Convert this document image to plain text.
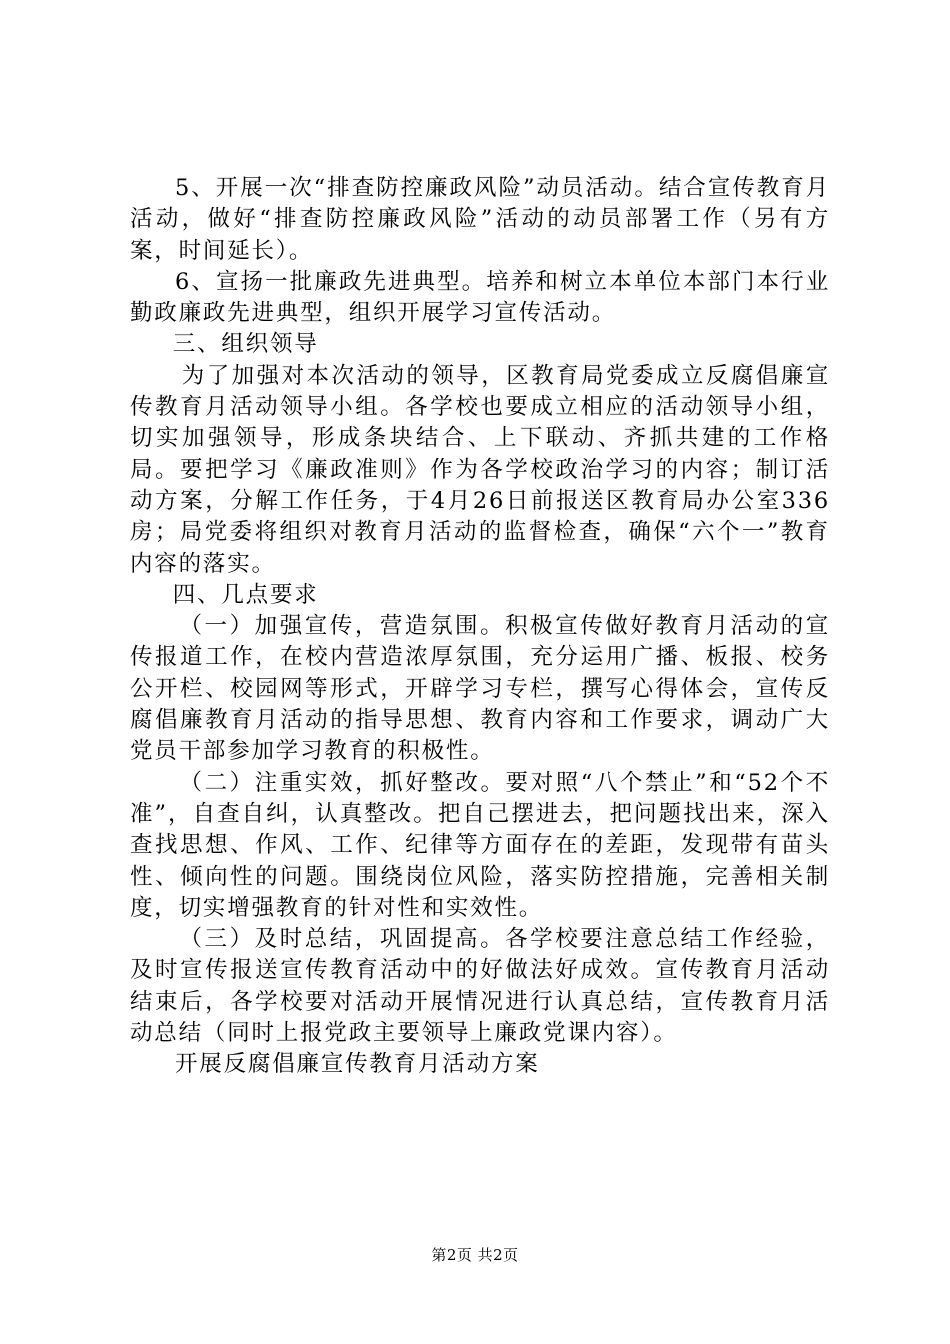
5、开展一次“排查防控廉政风险”动员活动。结合宣传教育月活动，做好“排查防控廉政风险”活动的动员部署工作（另有方案，时间延长）。

6、宣扬一批廉政先进典型。培养和树立本单位本部门本行业勤政廉政先进典型，组织开展学习宣传活动。

三、组织领导

为了加强对本次活动的领导，区教育局党委成立反腐倡廉宣传教育月活动领导小组。各学校也要成立相应的活动领导小组，切实加强领导，形成条块结合、上下联动、齐抓共建的工作格局。要把学习《廉政准则》作为各学校政治学习的内容；制订活动方案，分解工作任务，于4月26日前报送区教育局办公室336房；局党委将组织对教育月活动的监督检查，确保“六个一”教育内容的落实。

四、几点要求

（一）加强宣传，营造氛围。积极宣传做好教育月活动的宣传报道工作，在校内营造浓厚氛围，充分运用广播、板报、校务公开栏、校园网等形式，开辟学习专栏，撰写心得体会，宣传反腐倡廉教育月活动的指导思想、教育内容和工作要求，调动广大党员干部参加学习教育的积极性。

（二）注重实效，抓好整改。要对照“八个禁止”和“52个不准”，自查自纠，认真整改。把自己摆进去，把问题找出来，深入查找思想、作风、工作、纪律等方面存在的差距，发现带有苗头性、倾向性的问题。围绕岗位风险，落实防控措施，完善相关制度，切实增强教育的针对性和实效性。

（三）及时总结，巩固提高。各学校要注意总结工作经验，及时宣传报送宣传教育活动中的好做法好成效。宣传教育月活动结束后，各学校要对活动开展情况进行认真总结，宣传教育月活动总结（同时上报党政主要领导上廉政党课内容）。

开展反腐倡廉宣传教育月活动方案

第2页 共2页
